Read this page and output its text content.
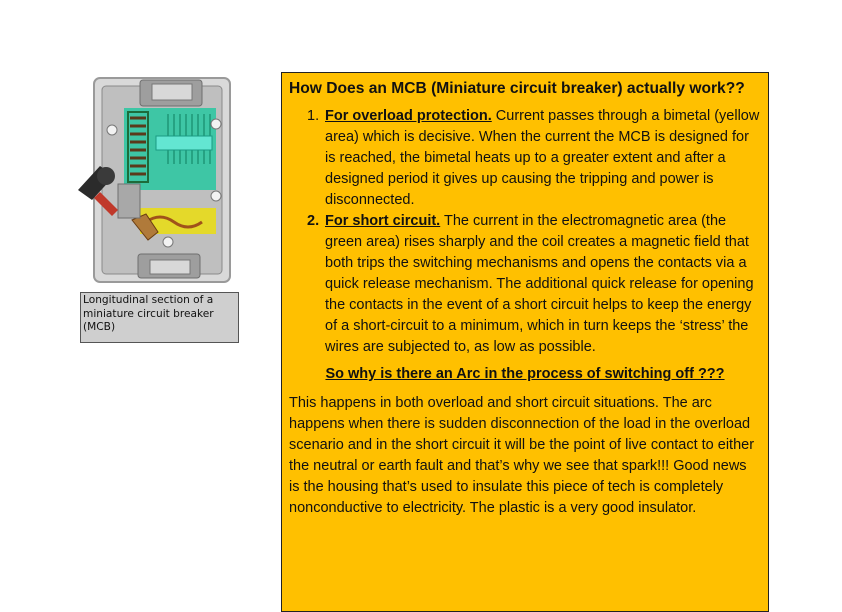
Longitudinal section of a
miniature circuit breaker
(MCB)
How Does an MCB (Miniature circuit breaker) actually work??
1. For overload protection. Current passes through a bimetal (yellow area) which is decisive. When the current the MCB is designed for is reached, the bimetal heats up to a greater extent and after a designed period it gives up causing the tripping and power is disconnected.
2. For short circuit. The current in the electromagnetic area (the green area) rises sharply and the coil creates a magnetic field that both trips the switching mechanisms and opens the contacts via a quick release mechanism. The additional quick release for opening the contacts in the event of a short circuit helps to keep the energy of a short-circuit to a minimum, which in turn keeps the ‘stress’ the wires are subjected to, as low as possible.
So why is there an Arc in the process of switching off ???
This happens in both overload and short circuit situations. The arc happens when there is sudden disconnection of the load in the overload scenario and in the short circuit it will be the point of live contact to either the neutral or earth fault and that’s why we see that spark!!! Good news is the housing that’s used to insulate this piece of tech is completely nonconductive to electricity. The plastic is a very good insulator.
